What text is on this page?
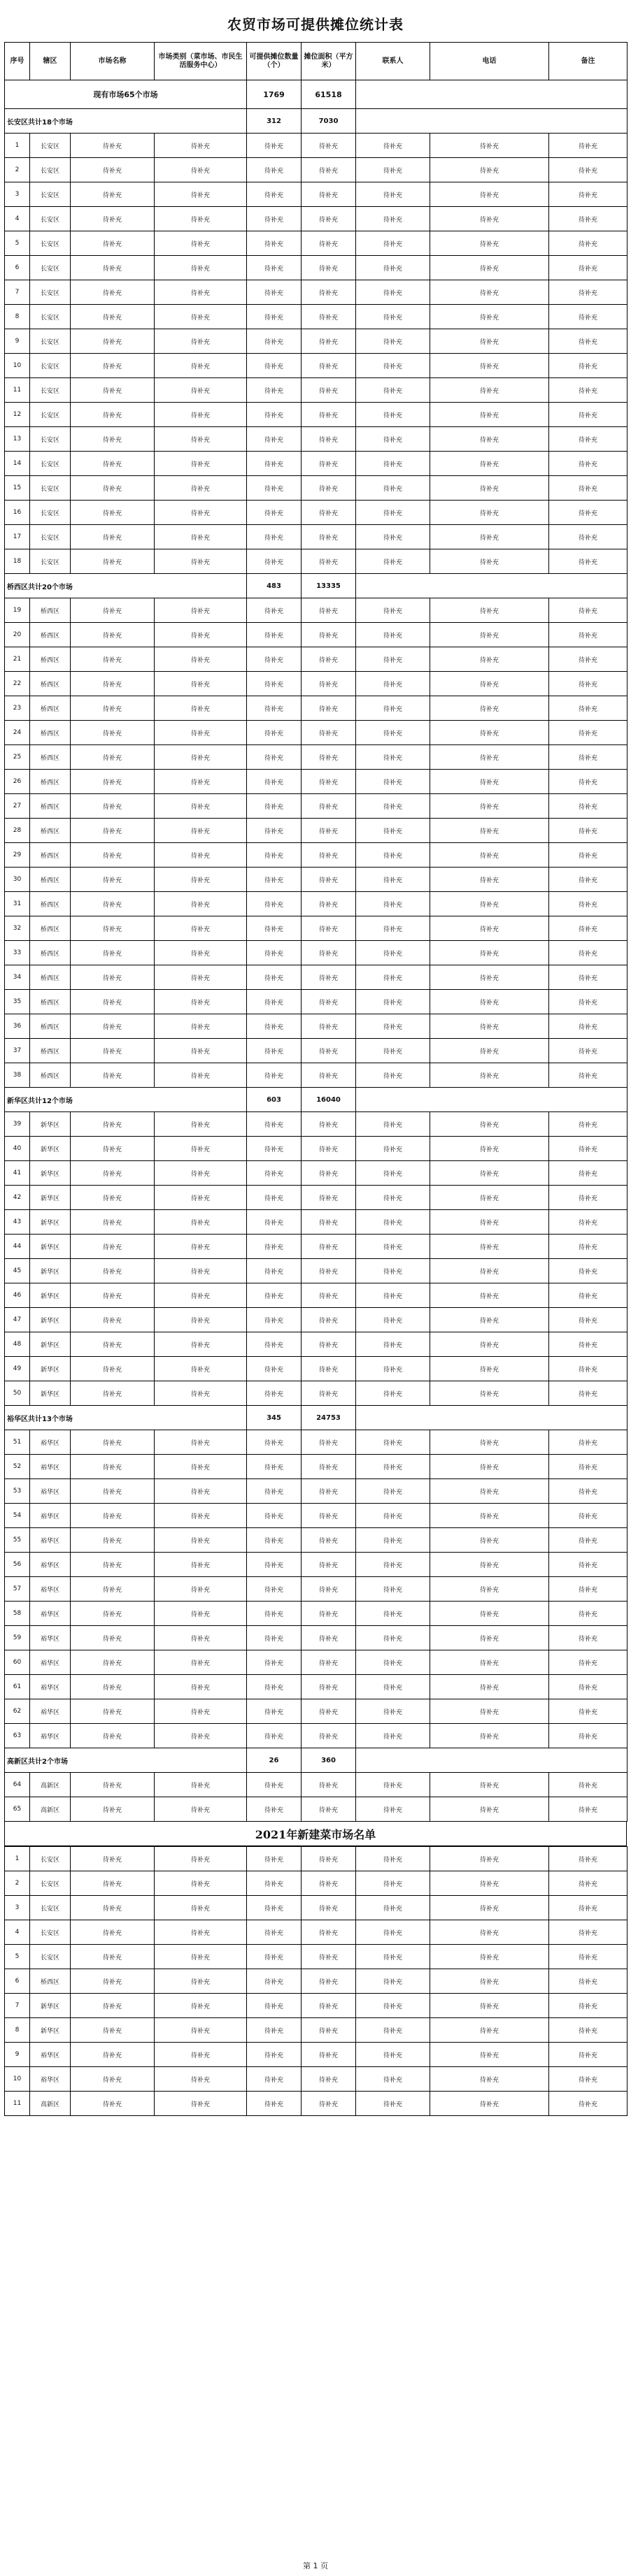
农贸市场可提供摊位统计表
序号	辖区	市场名称	市场类别（菜市场、市民生活服务中心）	可提供摊位数量（个）	摊位面积（平方米）	联系人	电话	备注
现有市场65个市场				1769	61518			
长安区共计18个市场				312	7030			
1	长安区	待补充	待补充	待补充	待补充	待补充	待补充	待补充
2	长安区	待补充	待补充	待补充	待补充	待补充	待补充	待补充
3	长安区	待补充	待补充	待补充	待补充	待补充	待补充	待补充
4	长安区	待补充	待补充	待补充	待补充	待补充	待补充	待补充
5	长安区	待补充	待补充	待补充	待补充	待补充	待补充	待补充
6	长安区	待补充	待补充	待补充	待补充	待补充	待补充	待补充
7	长安区	待补充	待补充	待补充	待补充	待补充	待补充	待补充
8	长安区	待补充	待补充	待补充	待补充	待补充	待补充	待补充
9	长安区	待补充	待补充	待补充	待补充	待补充	待补充	待补充
10	长安区	待补充	待补充	待补充	待补充	待补充	待补充	待补充
11	长安区	待补充	待补充	待补充	待补充	待补充	待补充	待补充
12	长安区	待补充	待补充	待补充	待补充	待补充	待补充	待补充
13	长安区	待补充	待补充	待补充	待补充	待补充	待补充	待补充
14	长安区	待补充	待补充	待补充	待补充	待补充	待补充	待补充
15	长安区	待补充	待补充	待补充	待补充	待补充	待补充	待补充
16	长安区	待补充	待补充	待补充	待补充	待补充	待补充	待补充
17	长安区	待补充	待补充	待补充	待补充	待补充	待补充	待补充
18	长安区	待补充	待补充	待补充	待补充	待补充	待补充	待补充
桥西区共计20个市场				483	13335			
19	桥西区	待补充	待补充	待补充	待补充	待补充	待补充	待补充
20	桥西区	待补充	待补充	待补充	待补充	待补充	待补充	待补充
21	桥西区	待补充	待补充	待补充	待补充	待补充	待补充	待补充
22	桥西区	待补充	待补充	待补充	待补充	待补充	待补充	待补充
23	桥西区	待补充	待补充	待补充	待补充	待补充	待补充	待补充
24	桥西区	待补充	待补充	待补充	待补充	待补充	待补充	待补充
25	桥西区	待补充	待补充	待补充	待补充	待补充	待补充	待补充
26	桥西区	待补充	待补充	待补充	待补充	待补充	待补充	待补充
27	桥西区	待补充	待补充	待补充	待补充	待补充	待补充	待补充
28	桥西区	待补充	待补充	待补充	待补充	待补充	待补充	待补充
29	桥西区	待补充	待补充	待补充	待补充	待补充	待补充	待补充
30	桥西区	待补充	待补充	待补充	待补充	待补充	待补充	待补充
31	桥西区	待补充	待补充	待补充	待补充	待补充	待补充	待补充
32	桥西区	待补充	待补充	待补充	待补充	待补充	待补充	待补充
33	桥西区	待补充	待补充	待补充	待补充	待补充	待补充	待补充
34	桥西区	待补充	待补充	待补充	待补充	待补充	待补充	待补充
35	桥西区	待补充	待补充	待补充	待补充	待补充	待补充	待补充
36	桥西区	待补充	待补充	待补充	待补充	待补充	待补充	待补充
37	桥西区	待补充	待补充	待补充	待补充	待补充	待补充	待补充
38	桥西区	待补充	待补充	待补充	待补充	待补充	待补充	待补充
新华区共计12个市场				603	16040			
39	新华区	待补充	待补充	待补充	待补充	待补充	待补充	待补充
40	新华区	待补充	待补充	待补充	待补充	待补充	待补充	待补充
41	新华区	待补充	待补充	待补充	待补充	待补充	待补充	待补充
42	新华区	待补充	待补充	待补充	待补充	待补充	待补充	待补充
43	新华区	待补充	待补充	待补充	待补充	待补充	待补充	待补充
44	新华区	待补充	待补充	待补充	待补充	待补充	待补充	待补充
45	新华区	待补充	待补充	待补充	待补充	待补充	待补充	待补充
46	新华区	待补充	待补充	待补充	待补充	待补充	待补充	待补充
47	新华区	待补充	待补充	待补充	待补充	待补充	待补充	待补充
48	新华区	待补充	待补充	待补充	待补充	待补充	待补充	待补充
49	新华区	待补充	待补充	待补充	待补充	待补充	待补充	待补充
50	新华区	待补充	待补充	待补充	待补充	待补充	待补充	待补充
裕华区共计13个市场				345	24753			
51	裕华区	待补充	待补充	待补充	待补充	待补充	待补充	待补充
52	裕华区	待补充	待补充	待补充	待补充	待补充	待补充	待补充
53	裕华区	待补充	待补充	待补充	待补充	待补充	待补充	待补充
54	裕华区	待补充	待补充	待补充	待补充	待补充	待补充	待补充
55	裕华区	待补充	待补充	待补充	待补充	待补充	待补充	待补充
56	裕华区	待补充	待补充	待补充	待补充	待补充	待补充	待补充
57	裕华区	待补充	待补充	待补充	待补充	待补充	待补充	待补充
58	裕华区	待补充	待补充	待补充	待补充	待补充	待补充	待补充
59	裕华区	待补充	待补充	待补充	待补充	待补充	待补充	待补充
60	裕华区	待补充	待补充	待补充	待补充	待补充	待补充	待补充
61	裕华区	待补充	待补充	待补充	待补充	待补充	待补充	待补充
62	裕华区	待补充	待补充	待补充	待补充	待补充	待补充	待补充
63	裕华区	待补充	待补充	待补充	待补充	待补充	待补充	待补充
高新区共计2个市场				26	360			
64	高新区	待补充	待补充	待补充	待补充	待补充	待补充	待补充
65	高新区	待补充	待补充	待补充	待补充	待补充	待补充	待补充
2021年新建菜市场名单
1	长安区	待补充	待补充	待补充	待补充	待补充	待补充	待补充
2	长安区	待补充	待补充	待补充	待补充	待补充	待补充	待补充
3	长安区	待补充	待补充	待补充	待补充	待补充	待补充	待补充
4	长安区	待补充	待补充	待补充	待补充	待补充	待补充	待补充
5	长安区	待补充	待补充	待补充	待补充	待补充	待补充	待补充
6	桥西区	待补充	待补充	待补充	待补充	待补充	待补充	待补充
7	新华区	待补充	待补充	待补充	待补充	待补充	待补充	待补充
8	新华区	待补充	待补充	待补充	待补充	待补充	待补充	待补充
9	裕华区	待补充	待补充	待补充	待补充	待补充	待补充	待补充
10	裕华区	待补充	待补充	待补充	待补充	待补充	待补充	待补充
11	高新区	待补充	待补充	待补充	待补充	待补充	待补充	待补充
第 1 页
